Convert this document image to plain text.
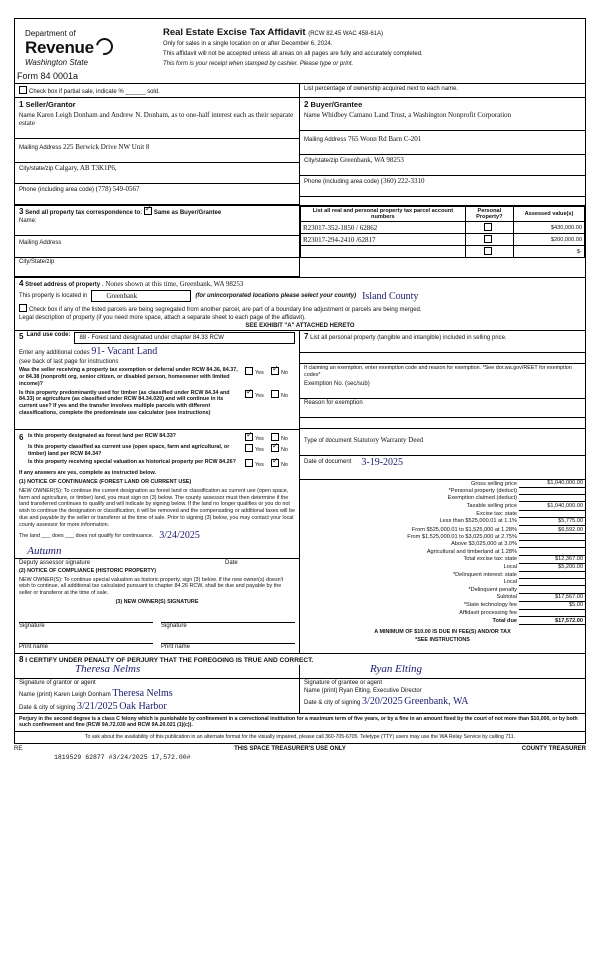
Department of
Revenue
Washington State
Real Estate Excise Tax Affidavit (RCW 82.45 WAC 458-61A)
Only for sales in a single location on or after December 6, 2024.
This affidavit will not be accepted unless all areas on all pages are fully and accurately completed.
This form is your receipt when stamped by cashier. Please type or print.
Form 84 0001a
Check box if partial sale, indicate % ______ sold.	List percentage of ownership acquired next to each name.
1 Seller/Grantor
Name Karen Leigh Donham and Andrew N. Donham, as to one-half interest each as their separate estate
Mailing Address 225 Berwick Drive NW Unit 8
City/state/zip Calgary, AB T3K1P6,
Phone (including area code) (778) 549-0567
2 Buyer/Grantee
Name Whidbey Camano Land Trust, a Washington Nonprofit Corporation
Mailing Address 765 Wonn Rd Barn C-201
City/state/zip Greenbank, WA 98253
Phone (including area code) (360) 222-3310
3 Send all property tax correspondence to: ✓ Same as Buyer/Grantee
Name:
Mailing Address
City/State/zip
List all real and personal property tax parcel account numbers	Personal Property?	Assessed value(s)
R23017-352-1850 / 62862		$430,000.00
R23017-294-2410 /62817		$200,000.00
		$-
4 Street address of property . Nones shown at this time, Greenbank, WA 98253
This property is located in	Greenbank	(for unincorporated locations please select your county) Island County
Check box if any of the listed parcels are being segregated from another parcel, are part of a boundary line adjustment or parcels are being merged.
Legal description of property (if you need more space, attach a separate sheet to each page of the affidavit).
SEE EXHIBIT "A" ATTACHED HERETO
5 Land use code:	88 - Forest land designated under chapter 84.33 RCW
Enter any additional codes 91- Vacant Land
(see back of last page for instructions
Was the seller receiving a property tax exemption or deferral under RCW 84.36, 84.37, or 84.38 (nonprofit org, senior citizen, or disabled person, homeowner with limited income)?
Yes ✓	No
Is this property predominantly used for timber (as classified under RCW 84.34 and 84.33) or agriculture (as classified under RCW 84.34.020) and will continue in its current use? If yes and the transfer involves multiple parcels with different classifications, complete the predominate use calculator (see instructions)
✓Yes	No
7 List all personal property (tangible and intangible) included in selling price.
If claiming an exemption, enter exemption code and reason for exemption. *See dor.wa.gov/REET for exemption codes*
Exemption No. (sec/sub)
Reason for exemption
6 Is this property designated as forest land per RCW 84.33? ✓	Yes	No
Is this property classified as current use (open space, farm and agricultural, or timber) land per RCW 84.34?
Yes ✓	No
Is this property receiving special valuation as historical property per RCW 84.26?	Yes ✓	No
If any answers are yes, complete as instructed below.
(1) NOTICE OF CONTINUANCE (FOREST LAND OR CURRENT USE)
NEW OWNER(S): To continue the current designation as forest land or classification as current use (open space, farm and agriculture, or timber) land, you must sign on (3) below. The county assessor must then determine if the land transferred continues to qualify and will indicate by signing below. If the land no longer qualifies or you do not wish to continue the designation or classification, it will be removed and the compensating or additional taxes will be due and payable by the seller or transferor at the time of sale. Prior to signing (3) below, you may contact your local county assessor for more information.
The land ___ does ___ does not qualify for continuance. 3/24/2025
Autumn
Deputy assessor signature	Date
(2) NOTICE OF COMPLIANCE (HISTORIC PROPERTY)
NEW OWNER(S): To continue special valuation as historic property, sign (3) below. If the new owner(s) doesn't wish to continue, all additional tax calculated pursuant to chapter 84.26 RCW, shall be due and payable by the seller or transferor at the time of sale.
(3) NEW OWNER(S) SIGNATURE
Signature	Signature
Print name	Print name
Type of document Statutory Warranty Deed
Date of document 3-19-2025
Gross selling price	$1,040,000.00
*Personal property (deduct)	
Exemption claimed (deduct)	
Taxable selling price	$1,040,000.00
Excise tax: state	
Less than $525,000.01 at 1.1%	$5,775.00
From $525,000.01 to $1,525,000 at 1.28%	$6,592.00
From $1,525,000.01 to $3,025,000 at 2.75%	
Above $3,025,000 at 3.0%	
Agricultural and timberland at 1.28%	
Total excise tax: state	$12,367.00
Local	$5,200.00
*Delinquent interest: state	
Local	
*Delinquent penalty	
Subtotal	$17,567.00
*State technology fee	$5.00
Affidavit processing fee	
Total due	$17,572.00
A MINIMUM OF $10.00 IS DUE IN FEE(S) AND/OR TAX
*SEE INSTRUCTIONS
8 I CERTIFY UNDER PENALTY OF PERJURY THAT THE FOREGOING IS TRUE AND CORRECT.
Theresa Nelms
Signature of grantor or agent
Name (print) Karen Leigh Donham Theresa Nelms
Date & city of signing 3/21/2025 Oak Harbor
Ryan Elting
Signature of grantee or agent
Name (print) Ryan Elting, Executive Director
Date & city of signing 3/20/2025 Greenbank, WA
Perjury in the second degree is a class C felony which is punishable by confinement in a correctional institution for a maximum term of five years, or by a fine in an amount fixed by the court of not more than $10,000, or by both such confinement and fine (RCW 9A.72.030 and RCW 9A.20.021 (1)(c)).
To ask about the availability of this publication in an alternate format for the visually impaired, please call 360-705-6705. Teletype (TTY) users may use the WA Relay Service by calling 711.
RE	THIS SPACE TREASURER'S USE ONLY	COUNTY TREASURER
1819529 62877 #3/24/2025 17,572.00#
